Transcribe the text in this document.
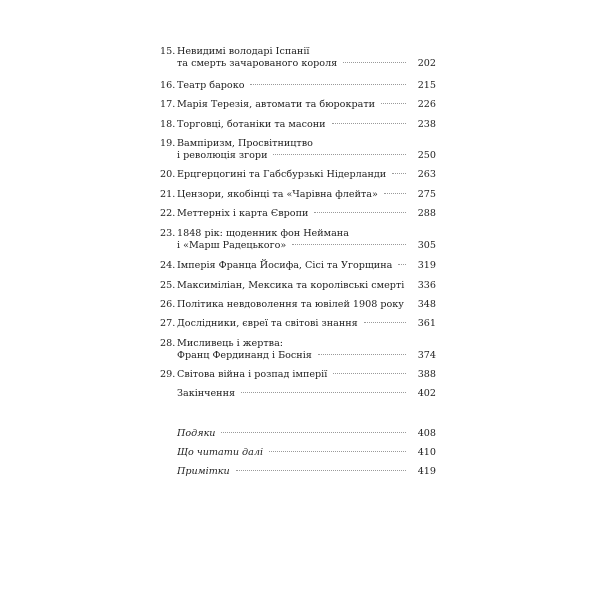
15. Невидимі володарі Іспанії
та смерть зачарованого короля	202
16. Театр бароко	215
17. Марія Терезія, автомати та бюрократи	226
18. Торговці, ботаніки та масони	238
19. Вампіризм, Просвітництво
і революція згори	250
20. Ерцгерцогині та Габсбурзькі Нідерланди	263
21. Цензори, якобінці та «Чарівна флейта»	275
22. Меттерніх і карта Європи	288
23. 1848 рік: щоденник фон Неймана
і «Марш Радецького»	305
24. Імперія Франца Йосифа, Сісі та Угорщина	319
25. Максиміліан, Мексика та королівські смерті 336
26. Політика невдоволення та ювілей 1908 року 348
27. Дослідники, євреї та світові знання	361
28. Мисливець і жертва:
Франц Фердинанд і Боснія	374
29. Світова війна і розпад імперії	388
Закінчення	402
Подяки	408
Що читати далі	410
Примітки	419
